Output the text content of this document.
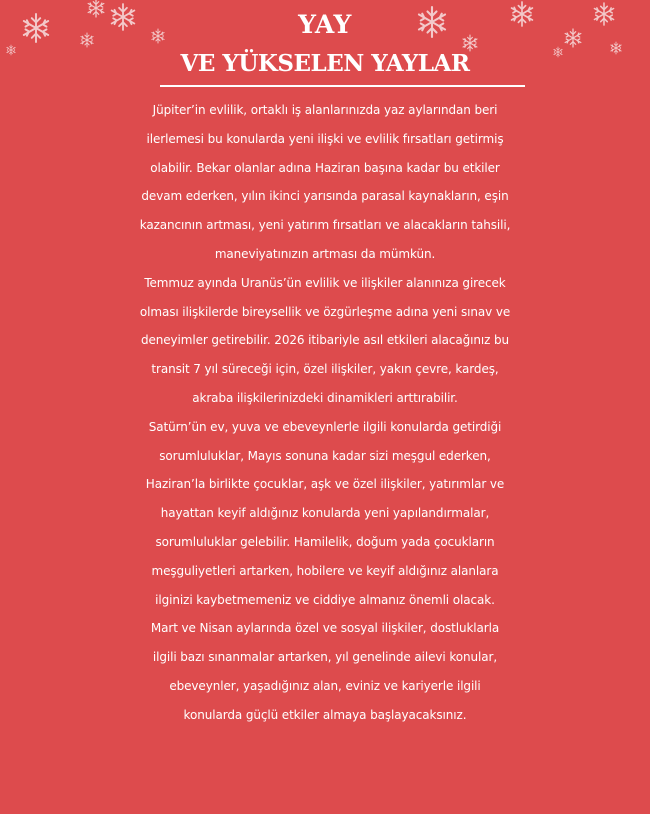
YAY
VE YÜKSELEN YAYLAR
Jüpiter’in evlilik, ortaklı iş alanlarınızda yaz aylarından beri
ilerlemesi bu konularda yeni ilişki ve evlilik fırsatları getirmiş
olabilir. Bekar olanlar adına Haziran başına kadar bu etkiler
devam ederken, yılın ikinci yarısında parasal kaynakların, eşin
kazancının artması, yeni yatırım fırsatları ve alacakların tahsili,
maneviyatınızın artması da mümkün.
Temmuz ayında Uranüs’ün evlilik ve ilişkiler alanınıza girecek
olması ilişkilerde bireysellik ve özgürleşme adına yeni sınav ve
deneyimler getirebilir. 2026 itibariyle asıl etkileri alacağınız bu
transit 7 yıl süreceği için, özel ilişkiler, yakın çevre, kardeş,
akraba ilişkilerinizdeki dinamikleri arttırabilir.
Satürn’ün ev, yuva ve ebeveynlerle ilgili konularda getirdiği
sorumluluklar, Mayıs sonuna kadar sizi meşgul ederken,
Haziran’la birlikte çocuklar, aşk ve özel ilişkiler, yatırımlar ve
hayattan keyif aldığınız konularda yeni yapılandırmalar,
sorumluluklar gelebilir. Hamilelik, doğum yada çocukların
meşguliyetleri artarken, hobilere ve keyif aldığınız alanlara
ilginizi kaybetmemeniz ve ciddiye almanız önemli olacak.
Mart ve Nisan aylarında özel ve sosyal ilişkiler, dostluklarla
ilgili bazı sınanmalar artarken, yıl genelinde ailevi konular,
ebeveynler, yaşadığınız alan, eviniz ve kariyerle ilgili
konularda güçlü etkiler almaya başlayacaksınız.
